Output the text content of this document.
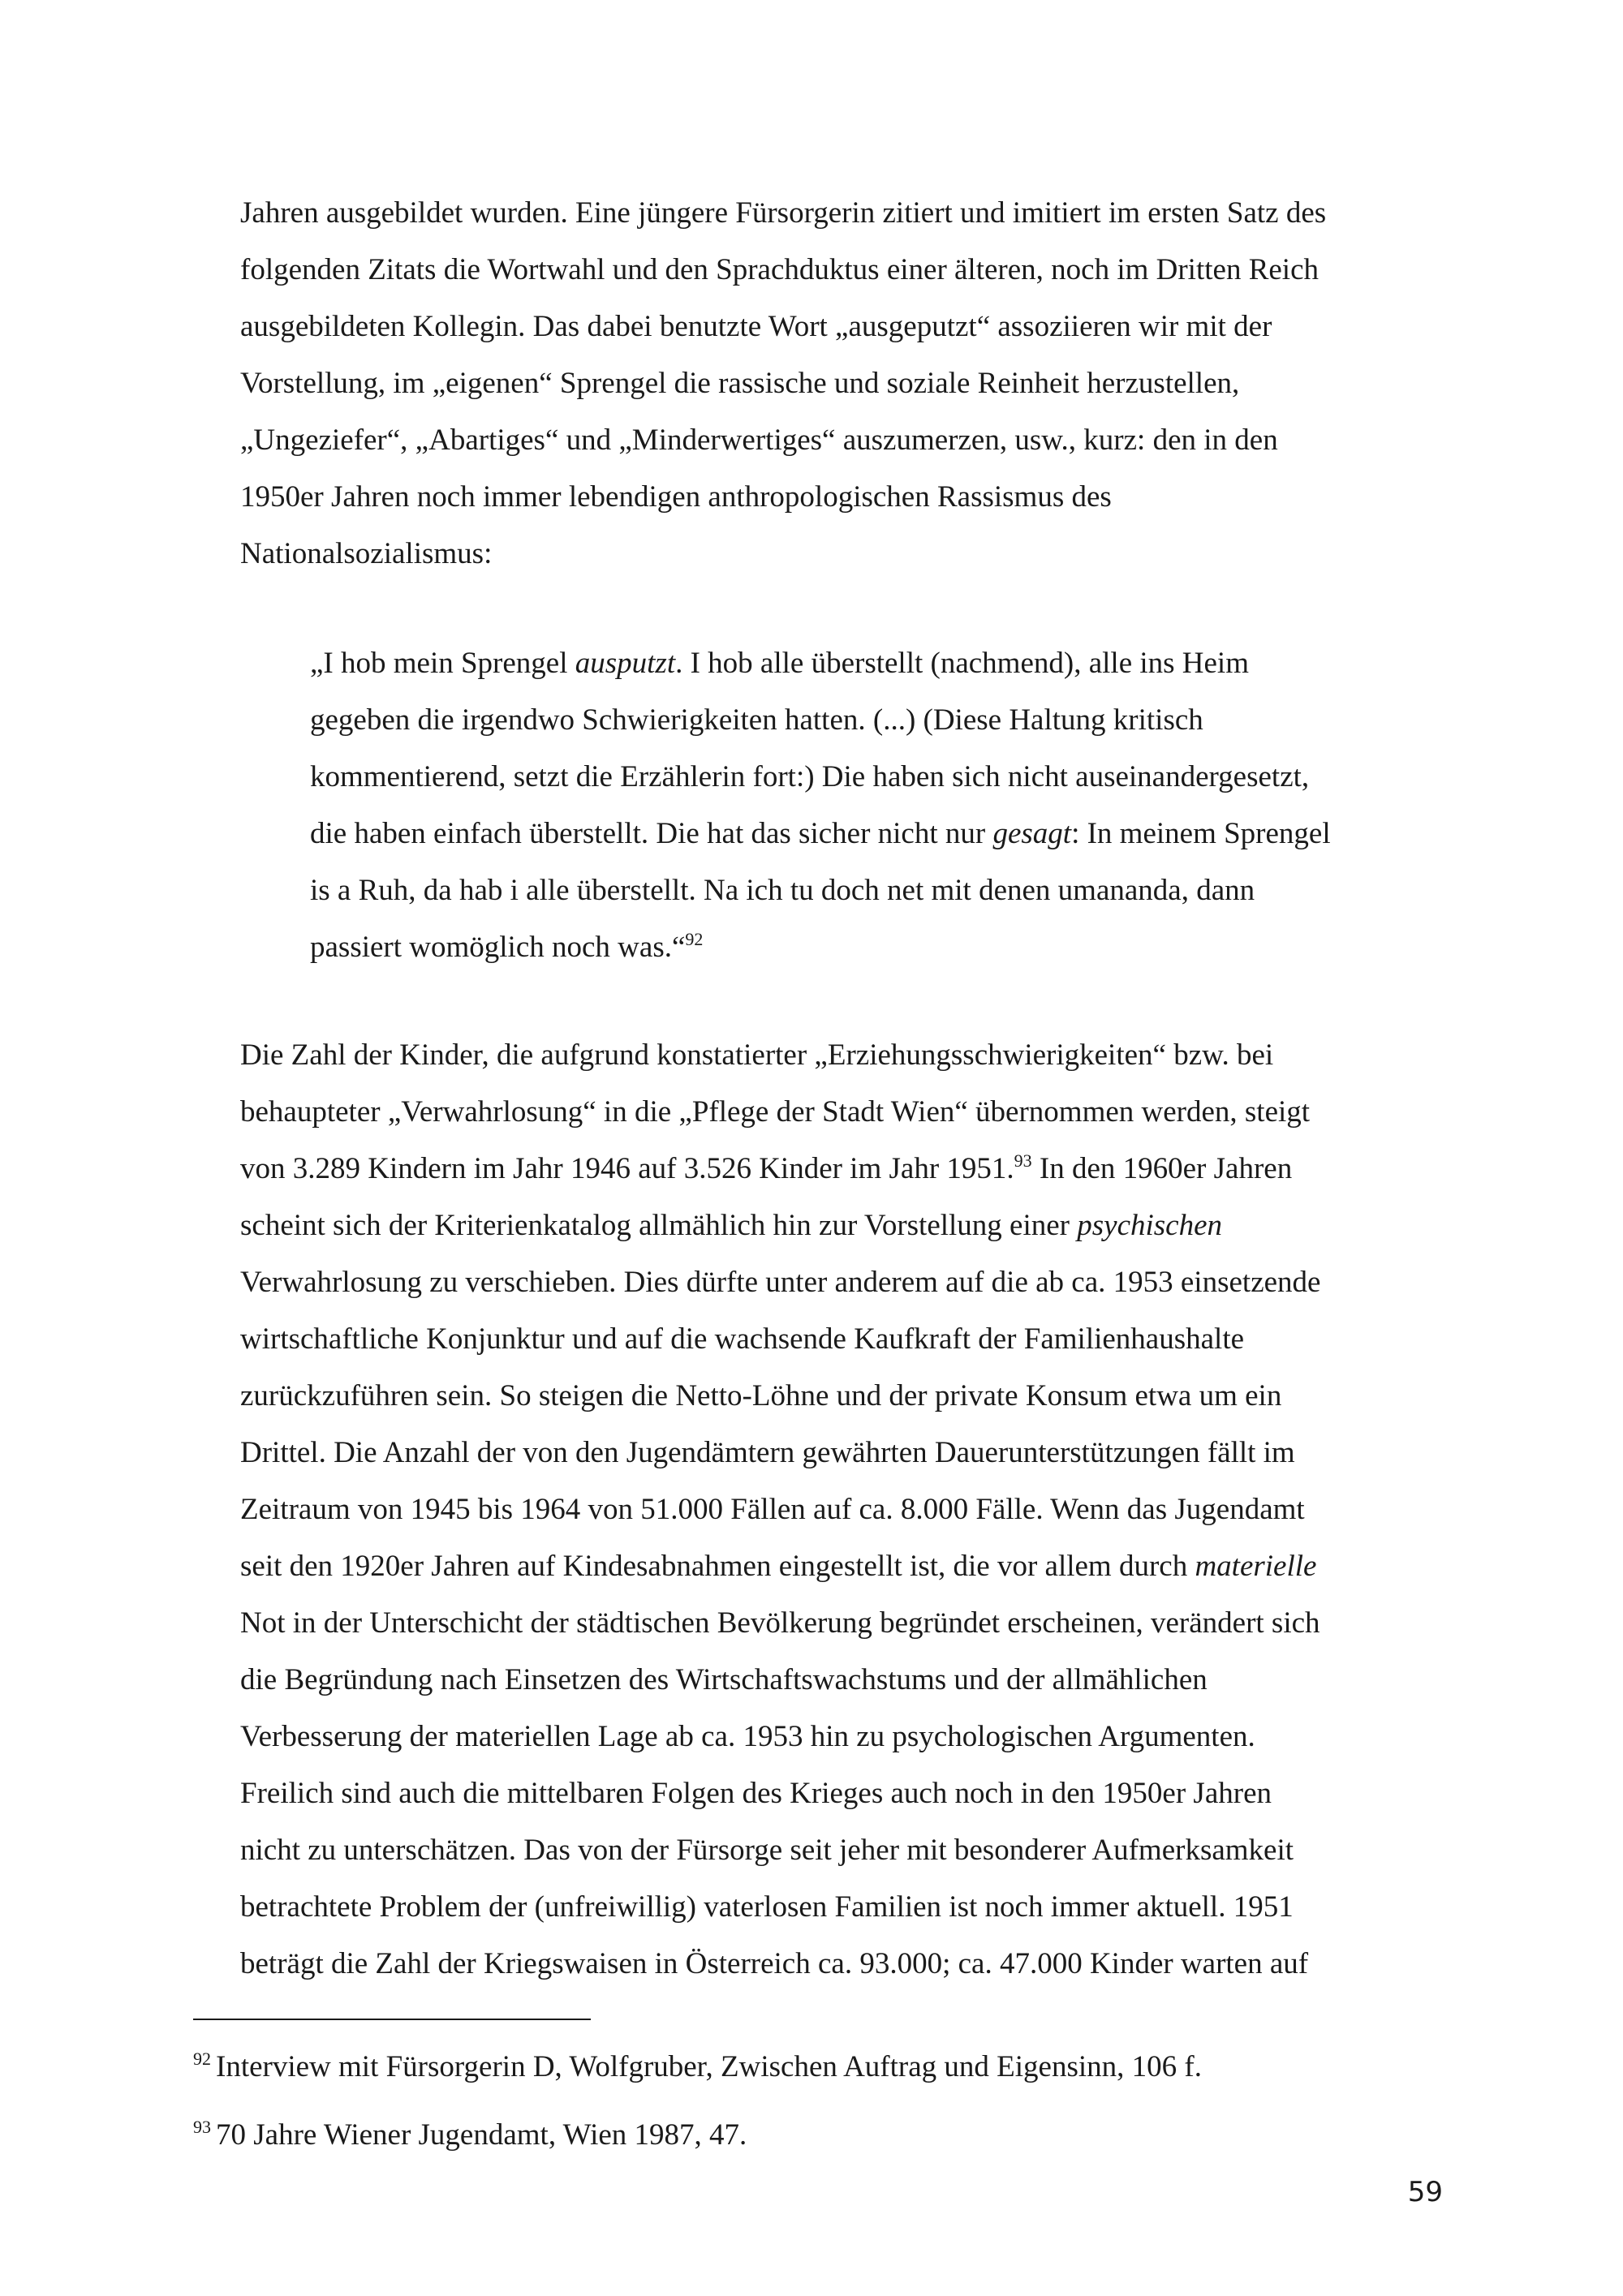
Jahren ausgebildet wurden. Eine jüngere Fürsorgerin zitiert und imitiert im ersten Satz des
folgenden Zitats die Wortwahl und den Sprachduktus einer älteren, noch im Dritten Reich
ausgebildeten Kollegin. Das dabei benutzte Wort „ausgeputzt“ assoziieren wir mit der
Vorstellung, im „eigenen“ Sprengel die rassische und soziale Reinheit herzustellen,
„Ungeziefer“, „Abartiges“ und „Minderwertiges“ auszumerzen, usw., kurz: den in den
1950er Jahren noch immer lebendigen anthropologischen Rassismus des
Nationalsozialismus:
„I hob mein Sprengel ausputzt. I hob alle überstellt (nachmend), alle ins Heim
gegeben die irgendwo Schwierigkeiten hatten. (...) (Diese Haltung kritisch
kommentierend, setzt die Erzählerin fort:) Die haben sich nicht auseinandergesetzt,
die haben einfach überstellt. Die hat das sicher nicht nur gesagt: In meinem Sprengel
is a Ruh, da hab i alle überstellt. Na ich tu doch net mit denen umananda, dann
passiert womöglich noch was.“$^{92}$
Die Zahl der Kinder, die aufgrund konstatierter „Erziehungsschwierigkeiten“ bzw. bei
behaupteter „Verwahrlosung“ in die „Pflege der Stadt Wien“ übernommen werden, steigt
von 3.289 Kindern im Jahr 1946 auf 3.526 Kinder im Jahr 1951.93 In den 1960er Jahren
scheint sich der Kriterienkatalog allmählich hin zur Vorstellung einer psychischen
Verwahrlosung zu verschieben. Dies dürfte unter anderem auf die ab ca. 1953 einsetzende
wirtschaftliche Konjunktur und auf die wachsende Kaufkraft der Familienhaushalte
zurückzuführen sein. So steigen die Netto-Löhne und der private Konsum etwa um ein
Drittel. Die Anzahl der von den Jugendämtern gewährten Dauerunterstützungen fällt im
Zeitraum von 1945 bis 1964 von 51.000 Fällen auf ca. 8.000 Fälle. Wenn das Jugendamt
seit den 1920er Jahren auf Kindesabnahmen eingestellt ist, die vor allem durch materielle
Not in der Unterschicht der städtischen Bevölkerung begründet erscheinen, verändert sich
die Begründung nach Einsetzen des Wirtschaftswachstums und der allmählichen
Verbesserung der materiellen Lage ab ca. 1953 hin zu psychologischen Argumenten.
Freilich sind auch die mittelbaren Folgen des Krieges auch noch in den 1950er Jahren
nicht zu unterschätzen. Das von der Fürsorge seit jeher mit besonderer Aufmerksamkeit
betrachtete Problem der (unfreiwillig) vaterlosen Familien ist noch immer aktuell. 1951
beträgt die Zahl der Kriegswaisen in Österreich ca. 93.000; ca. 47.000 Kinder warten auf
$^{92}$ Interview mit Fürsorgerin D, Wolfgruber, Zwischen Auftrag und Eigensinn, 106 f.
$^{93}$ 70 Jahre Wiener Jugendamt, Wien 1987, 47.
59
